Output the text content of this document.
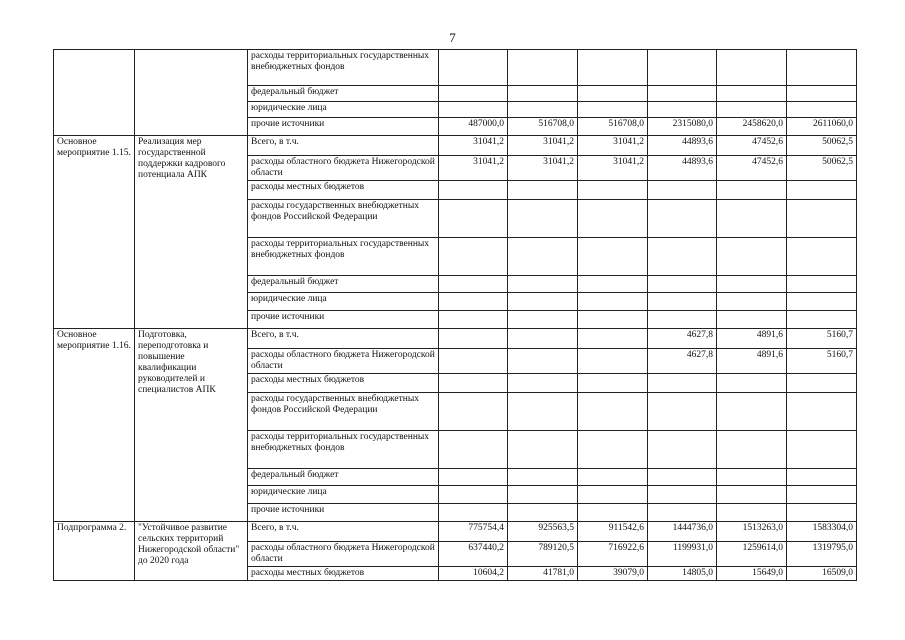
7
		расходы территориальных государственных внебюджетных фондов						
		федеральный бюджет						
		юридические лица						
		прочие источники	487000,0	516708,0	516708,0	2315080,0	2458620,0	2611060,0
Основное мероприятие 1.15.	Реализация мер государственной поддержки кадрового потенциала АПК	Всего, в т.ч.	31041,2	31041,2	31041,2	44893,6	47452,6	50062,5
		расходы областного бюджета Нижегородской области	31041,2	31041,2	31041,2	44893,6	47452,6	50062,5
		расходы местных бюджетов						
		расходы государственных внебюджетных фондов Российской Федерации						
		расходы территориальных государственных внебюджетных фондов						
		федеральный бюджет						
		юридические лица						
		прочие источники						
Основное мероприятие 1.16.	Подготовка, переподготовка и повышение квалификации руководителей и специалистов АПК	Всего, в т.ч.				4627,8	4891,6	5160,7
		расходы областного бюджета Нижегородской области				4627,8	4891,6	5160,7
		расходы местных бюджетов						
		расходы государственных внебюджетных фондов Российской Федерации						
		расходы территориальных государственных внебюджетных фондов						
		федеральный бюджет						
		юридические лица						
		прочие источники						
Подпрограмма 2.	"Устойчивое развитие сельских территорий Нижегородской области" до 2020 года	Всего, в т.ч.	775754,4	925563,5	911542,6	1444736,0	1513263,0	1583304,0
		расходы областного бюджета Нижегородской области	637440,2	789120,5	716922,6	1199931,0	1259614,0	1319795,0
		расходы местных бюджетов	10604,2	41781,0	39079,0	14805,0	15649,0	16509,0
